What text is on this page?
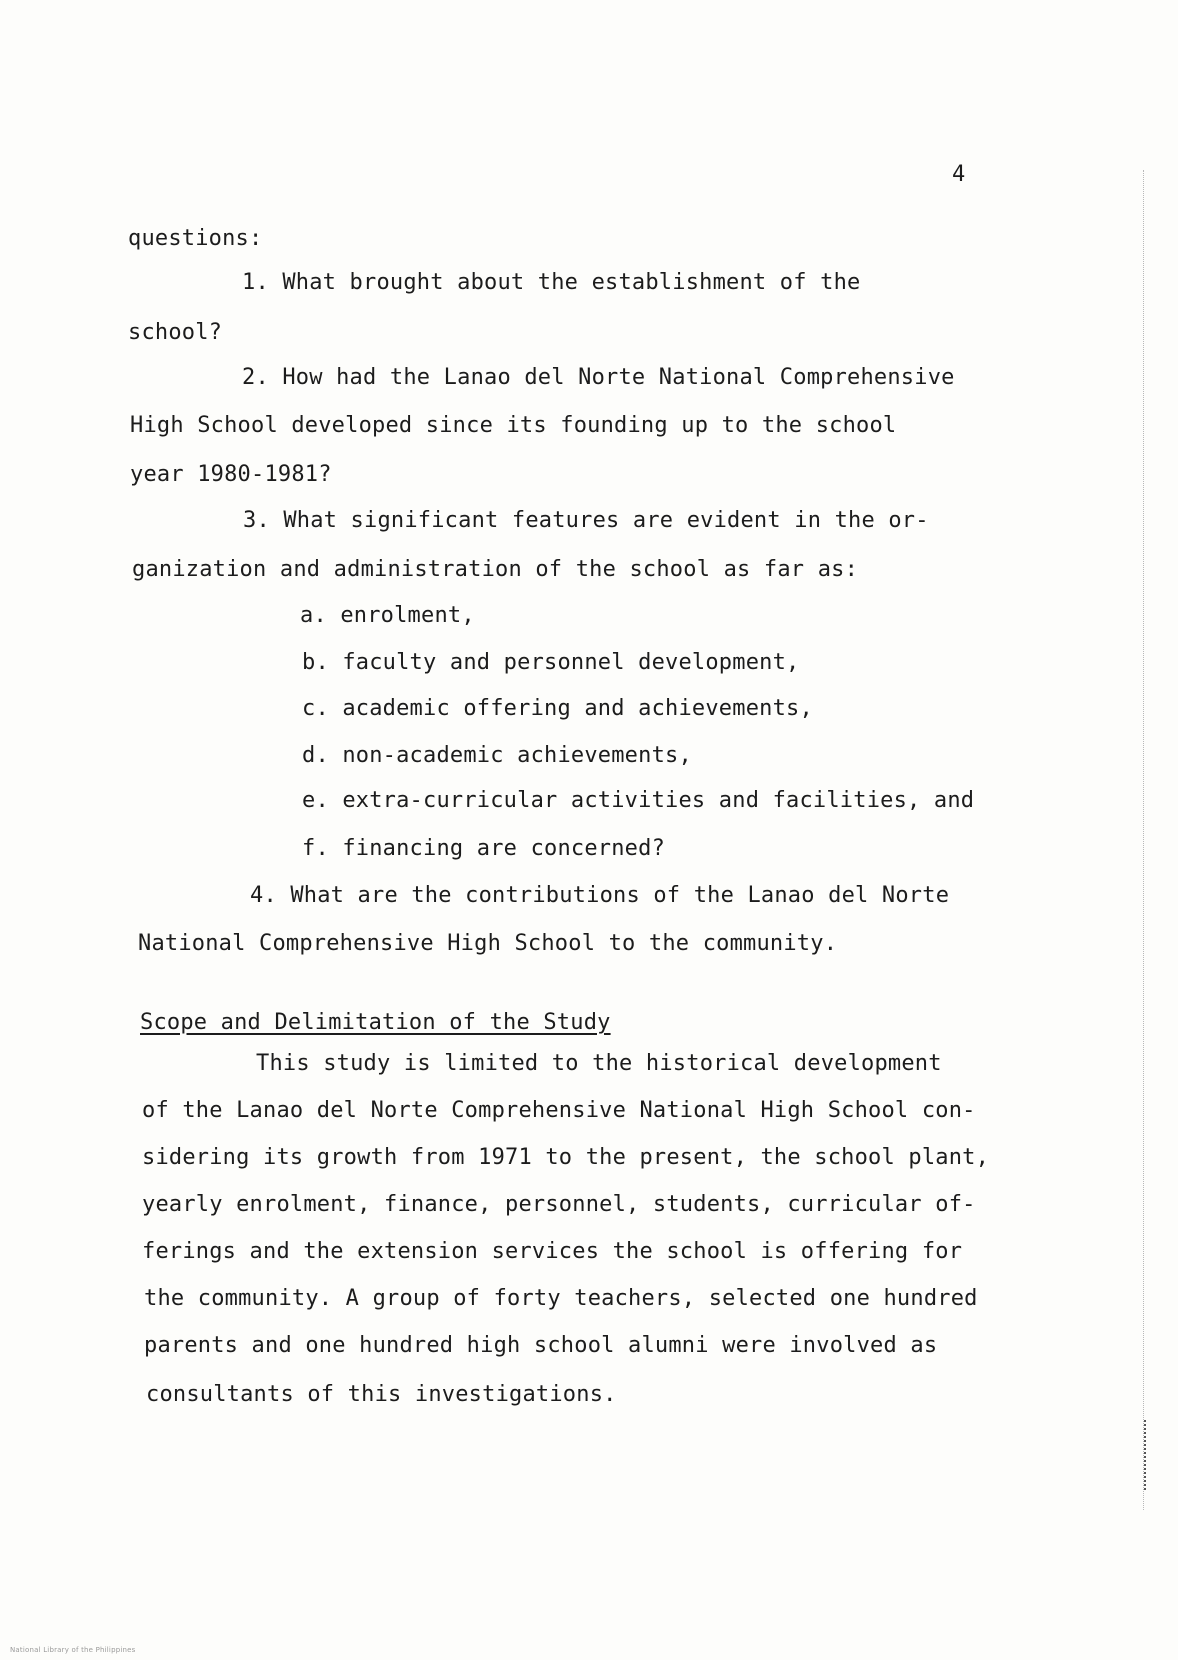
4
questions:
1. What brought about the establishment of the
school?
2. How had the Lanao del Norte National Comprehensive
High School developed since its founding up to the school
year 1980-1981?
3. What significant features are evident in the or-
ganization and administration of the school as far as:
a. enrolment,
b. faculty and personnel development,
c. academic offering and achievements,
d. non-academic achievements,
e. extra-curricular activities and facilities, and
f. financing are concerned?
4. What are the contributions of the Lanao del Norte
National Comprehensive High School to the community.
Scope and Delimitation of the Study
This study is limited to the historical development
of the Lanao del Norte Comprehensive National High School con-
sidering its growth from 1971 to the present, the school plant,
yearly enrolment, finance, personnel, students, curricular of-
ferings and the extension services the school is offering for
the community. A group of forty teachers, selected one hundred
parents and one hundred high school alumni were involved as
consultants of this investigations.
National Library of the Philippines
